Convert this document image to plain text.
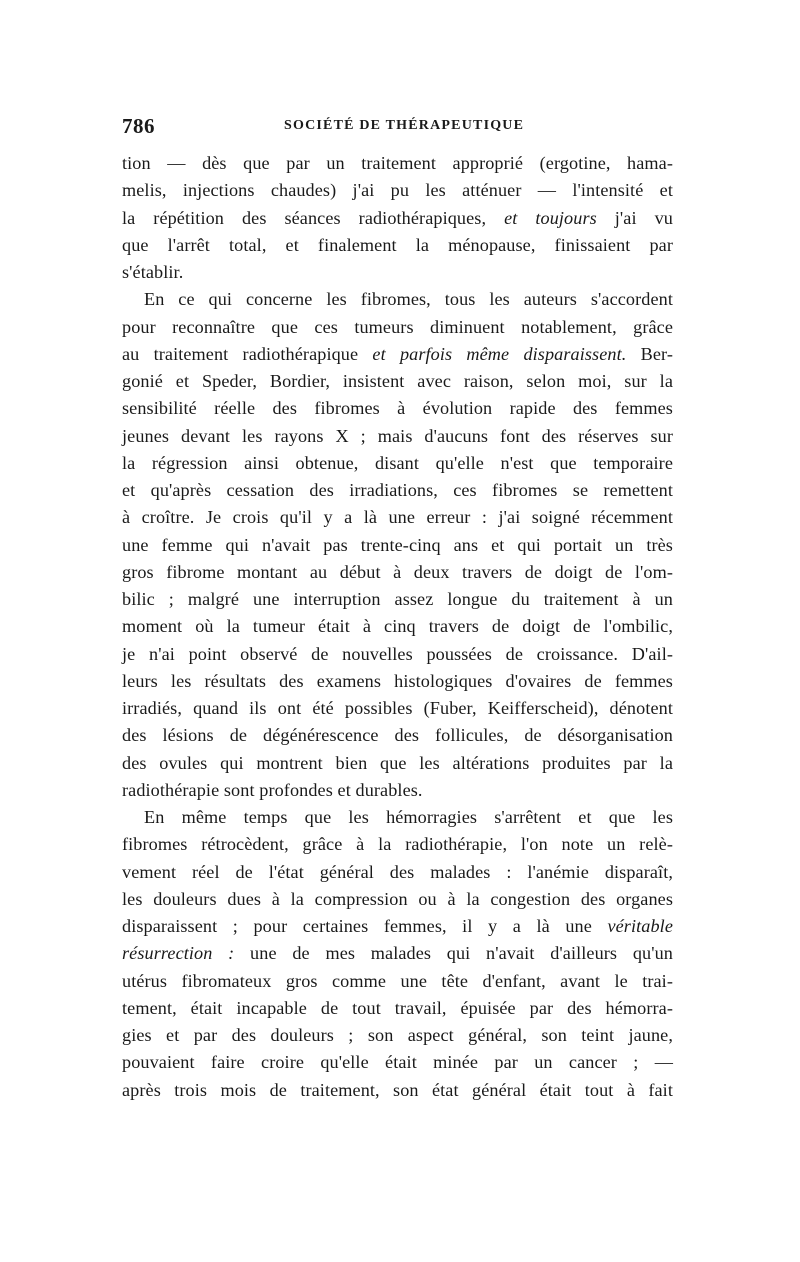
786	SOCIÉTÉ DE THÉRAPEUTIQUE
tion — dès que par un traitement approprié (ergotine, hama-
melis, injections chaudes) j'ai pu les atténuer — l'intensité et
la répétition des séances radiothérapiques, et toujours j'ai vu
que l'arrêt total, et finalement la ménopause, finissaient par
s'établir.
En ce qui concerne les fibromes, tous les auteurs s'accordent
pour reconnaître que ces tumeurs diminuent notablement, grâce
au traitement radiothérapique et parfois même disparaissent. Ber-
gonié et Speder, Bordier, insistent avec raison, selon moi, sur la
sensibilité réelle des fibromes à évolution rapide des femmes
jeunes devant les rayons X ; mais d'aucuns font des réserves sur
la régression ainsi obtenue, disant qu'elle n'est que temporaire
et qu'après cessation des irradiations, ces fibromes se remettent
à croître. Je crois qu'il y a là une erreur : j'ai soigné récemment
une femme qui n'avait pas trente-cinq ans et qui portait un très
gros fibrome montant au début à deux travers de doigt de l'om-
bilic ; malgré une interruption assez longue du traitement à un
moment où la tumeur était à cinq travers de doigt de l'ombilic,
je n'ai point observé de nouvelles poussées de croissance. D'ail-
leurs les résultats des examens histologiques d'ovaires de femmes
irradiés, quand ils ont été possibles (Fuber, Keifferscheid), dénotent
des lésions de dégénérescence des follicules, de désorganisation
des ovules qui montrent bien que les altérations produites par la
radiothérapie sont profondes et durables.
En même temps que les hémorragies s'arrêtent et que les
fibromes rétrocèdent, grâce à la radiothérapie, l'on note un relè-
vement réel de l'état général des malades : l'anémie disparaît,
les douleurs dues à la compression ou à la congestion des organes
disparaissent ; pour certaines femmes, il y a là une véritable
résurrection : une de mes malades qui n'avait d'ailleurs qu'un
utérus fibromateux gros comme une tête d'enfant, avant le trai-
tement, était incapable de tout travail, épuisée par des hémorra-
gies et par des douleurs ; son aspect général, son teint jaune,
pouvaient faire croire qu'elle était minée par un cancer ; —
après trois mois de traitement, son état général était tout à fait
